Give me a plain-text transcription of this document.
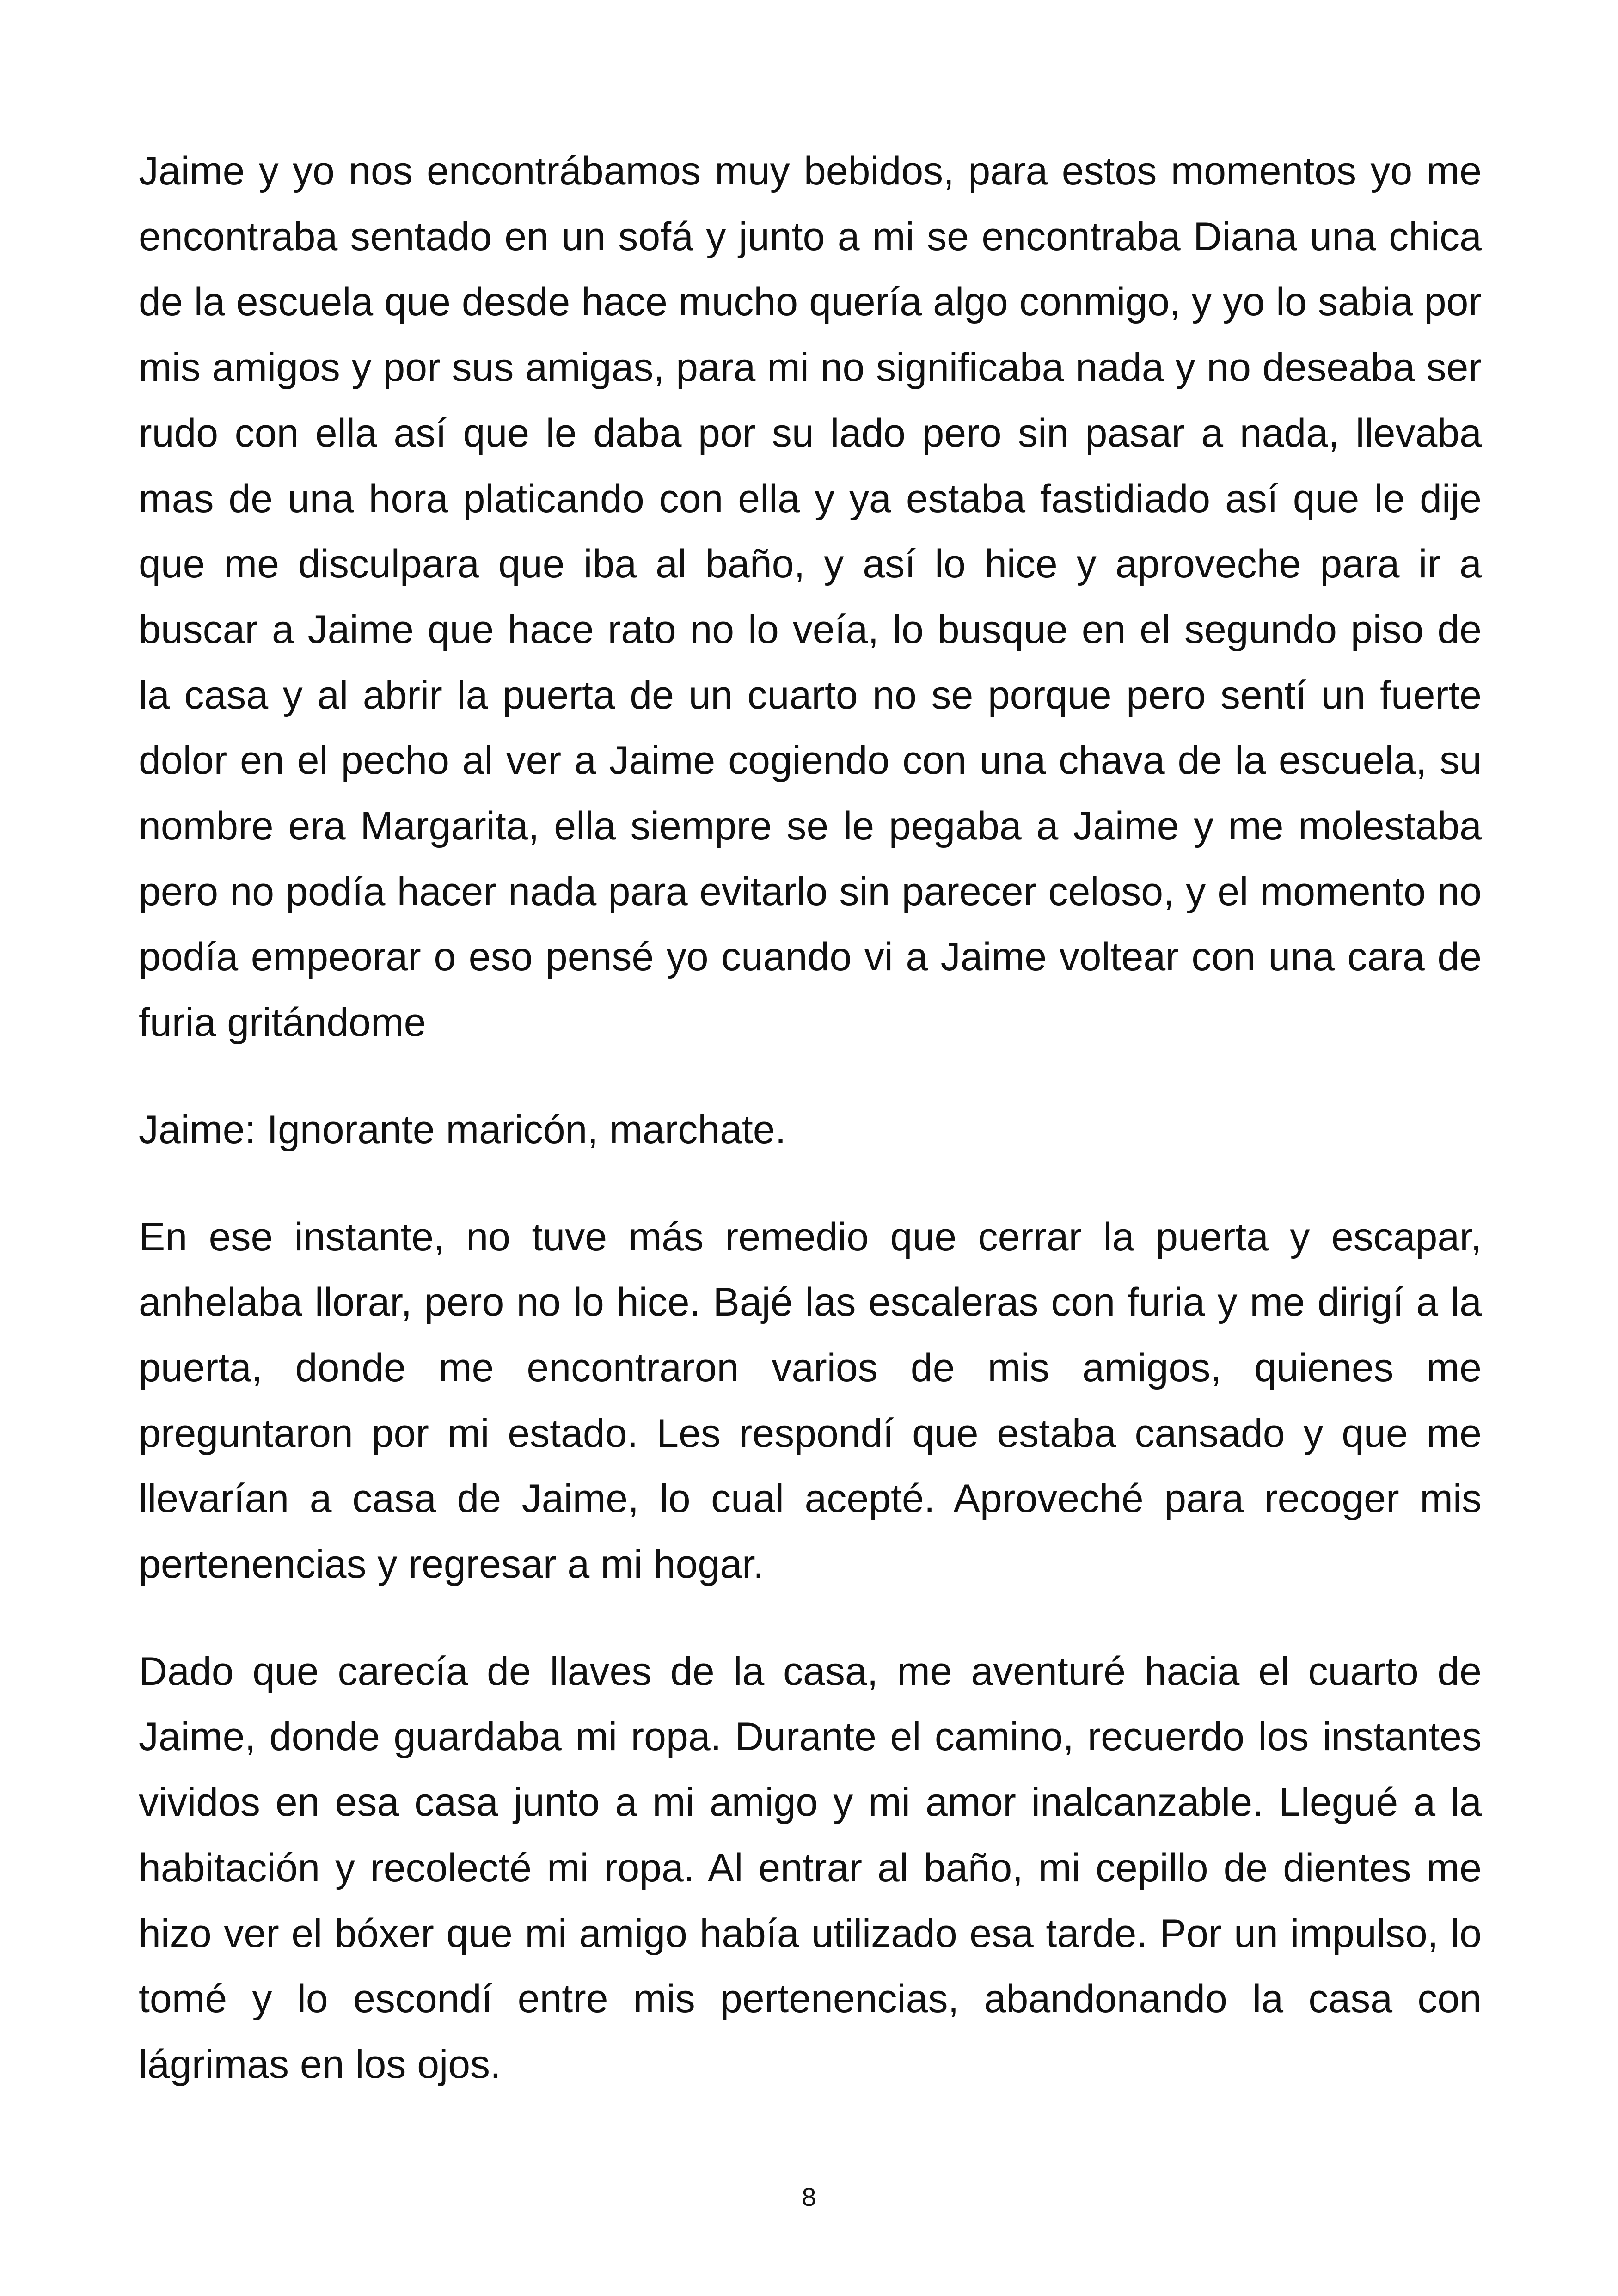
Jaime y yo nos encontrábamos muy bebidos, para estos momentos yo me encontraba sentado en un sofá y junto a mi se encontraba Diana una chica de la escuela que desde hace mucho quería algo conmigo, y yo lo sabia por mis amigos y por sus amigas, para mi no significaba nada y no deseaba ser rudo con ella así que le daba por su lado pero sin pasar a nada, llevaba mas de una hora platicando con ella y ya estaba fastidiado así que le dije que me disculpara que iba al baño, y así lo hice y aproveche para ir a buscar a Jaime que hace rato no lo veía, lo busque en el segundo piso de la casa y al abrir la puerta de un cuarto no se porque pero sentí un fuerte dolor en el pecho al ver a Jaime cogiendo con una chava de la escuela, su nombre era Margarita, ella siempre se le pegaba a Jaime y me molestaba pero no podía hacer nada para evitarlo sin parecer celoso, y el momento no podía empeorar o eso pensé yo cuando vi a Jaime voltear con una cara de furia gritándome

Jaime: Ignorante maricón, marchate.

En ese instante, no tuve más remedio que cerrar la puerta y escapar, anhelaba llorar, pero no lo hice. Bajé las escaleras con furia y me dirigí a la puerta, donde me encontraron varios de mis amigos, quienes me preguntaron por mi estado. Les respondí que estaba cansado y que me llevarían a casa de Jaime, lo cual acepté. Aproveché para recoger mis pertenencias y regresar a mi hogar.

Dado que carecía de llaves de la casa, me aventuré hacia el cuarto de Jaime, donde guardaba mi ropa. Durante el camino, recuerdo los instantes vividos en esa casa junto a mi amigo y mi amor inalcanzable. Llegué a la habitación y recolecté mi ropa. Al entrar al baño, mi cepillo de dientes me hizo ver el bóxer que mi amigo había utilizado esa tarde. Por un impulso, lo tomé y lo escondí entre mis pertenencias, abandonando la casa con lágrimas en los ojos.

8
